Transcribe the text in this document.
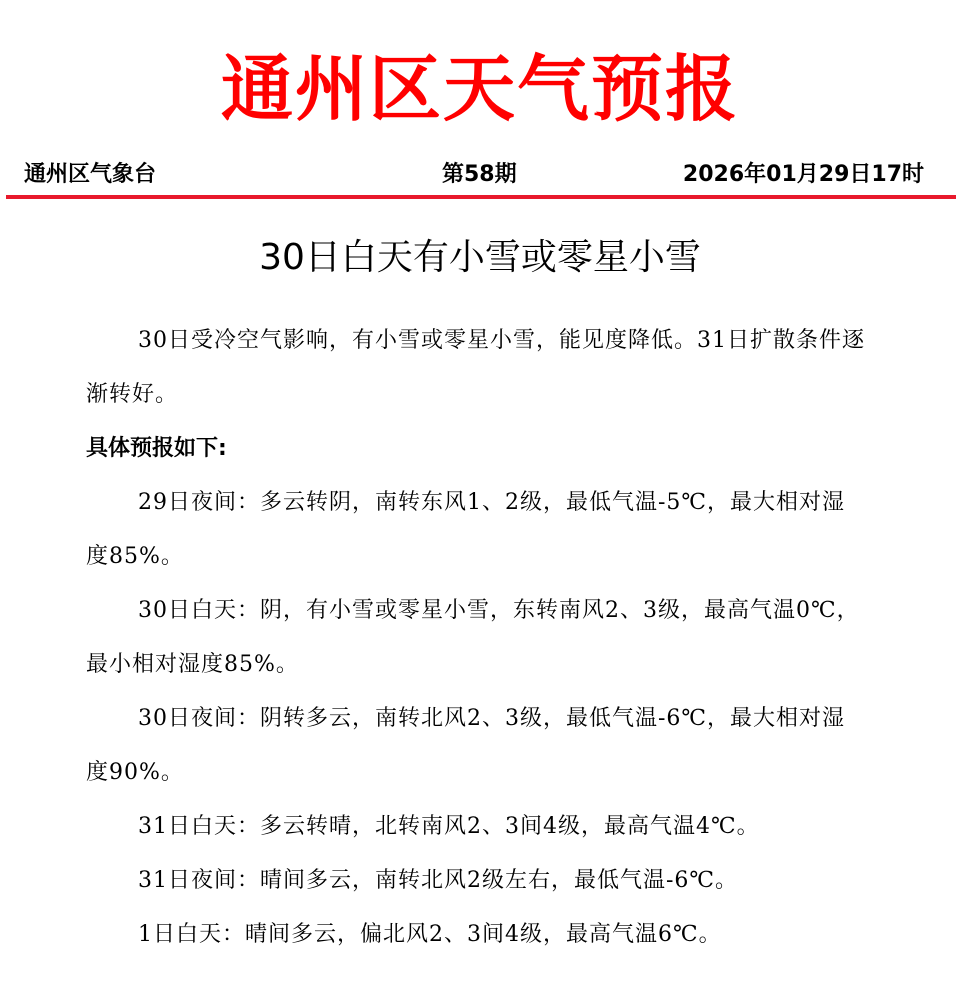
通州区天气预报
通州区气象台	第58期	2026年01月29日17时
30日白天有小雪或零星小雪

30日受冷空气影响，有小雪或零星小雪，能见度降低。31日扩散条件逐渐转好。

具体预报如下:

29日夜间：多云转阴，南转东风1、2级，最低气温-5℃，最大相对湿度85%。

30日白天：阴，有小雪或零星小雪，东转南风2、3级，最高气温0℃，最小相对湿度85%。

30日夜间：阴转多云，南转北风2、3级，最低气温-6℃，最大相对湿度90%。

31日白天：多云转晴，北转南风2、3间4级，最高气温4℃。

31日夜间：晴间多云，南转北风2级左右，最低气温-6℃。

1日白天：晴间多云，偏北风2、3间4级，最高气温6℃。
